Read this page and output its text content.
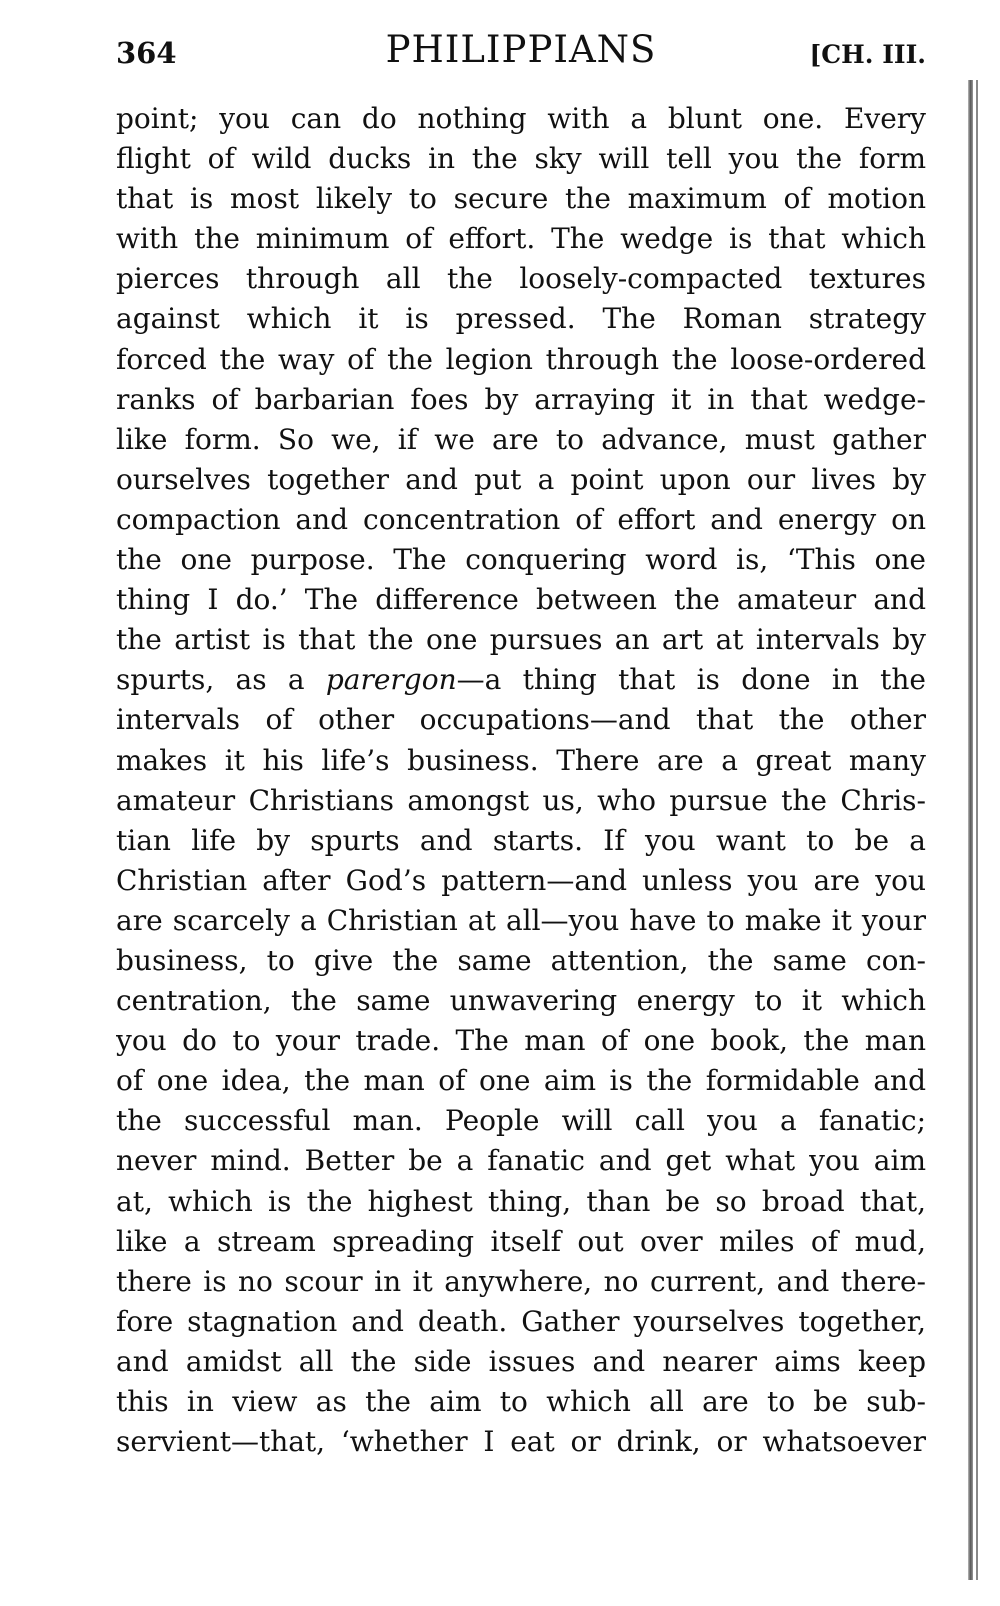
364	PHILIPPIANS	[CH. III.
point; you can do nothing with a blunt one. Every
flight of wild ducks in the sky will tell you the form
that is most likely to secure the maximum of motion
with the minimum of effort. The wedge is that which
pierces through all the loosely-compacted textures
against which it is pressed. The Roman strategy
forced the way of the legion through the loose-ordered
ranks of barbarian foes by arraying it in that wedge-
like form. So we, if we are to advance, must gather
ourselves together and put a point upon our lives by
compaction and concentration of effort and energy on
the one purpose. The conquering word is, ‘This one
thing I do.’ The difference between the amateur and
the artist is that the one pursues an art at intervals by
spurts, as a parergon—a thing that is done in the
intervals of other occupations—and that the other
makes it his life’s business. There are a great many
amateur Christians amongst us, who pursue the Chris-
tian life by spurts and starts. If you want to be a
Christian after God’s pattern—and unless you are you
are scarcely a Christian at all—you have to make it your
business, to give the same attention, the same con-
centration, the same unwavering energy to it which
you do to your trade. The man of one book, the man
of one idea, the man of one aim is the formidable and
the successful man. People will call you a fanatic;
never mind. Better be a fanatic and get what you aim
at, which is the highest thing, than be so broad that,
like a stream spreading itself out over miles of mud,
there is no scour in it anywhere, no current, and there-
fore stagnation and death. Gather yourselves together,
and amidst all the side issues and nearer aims keep
this in view as the aim to which all are to be sub-
servient—that, ‘whether I eat or drink, or whatsoever
